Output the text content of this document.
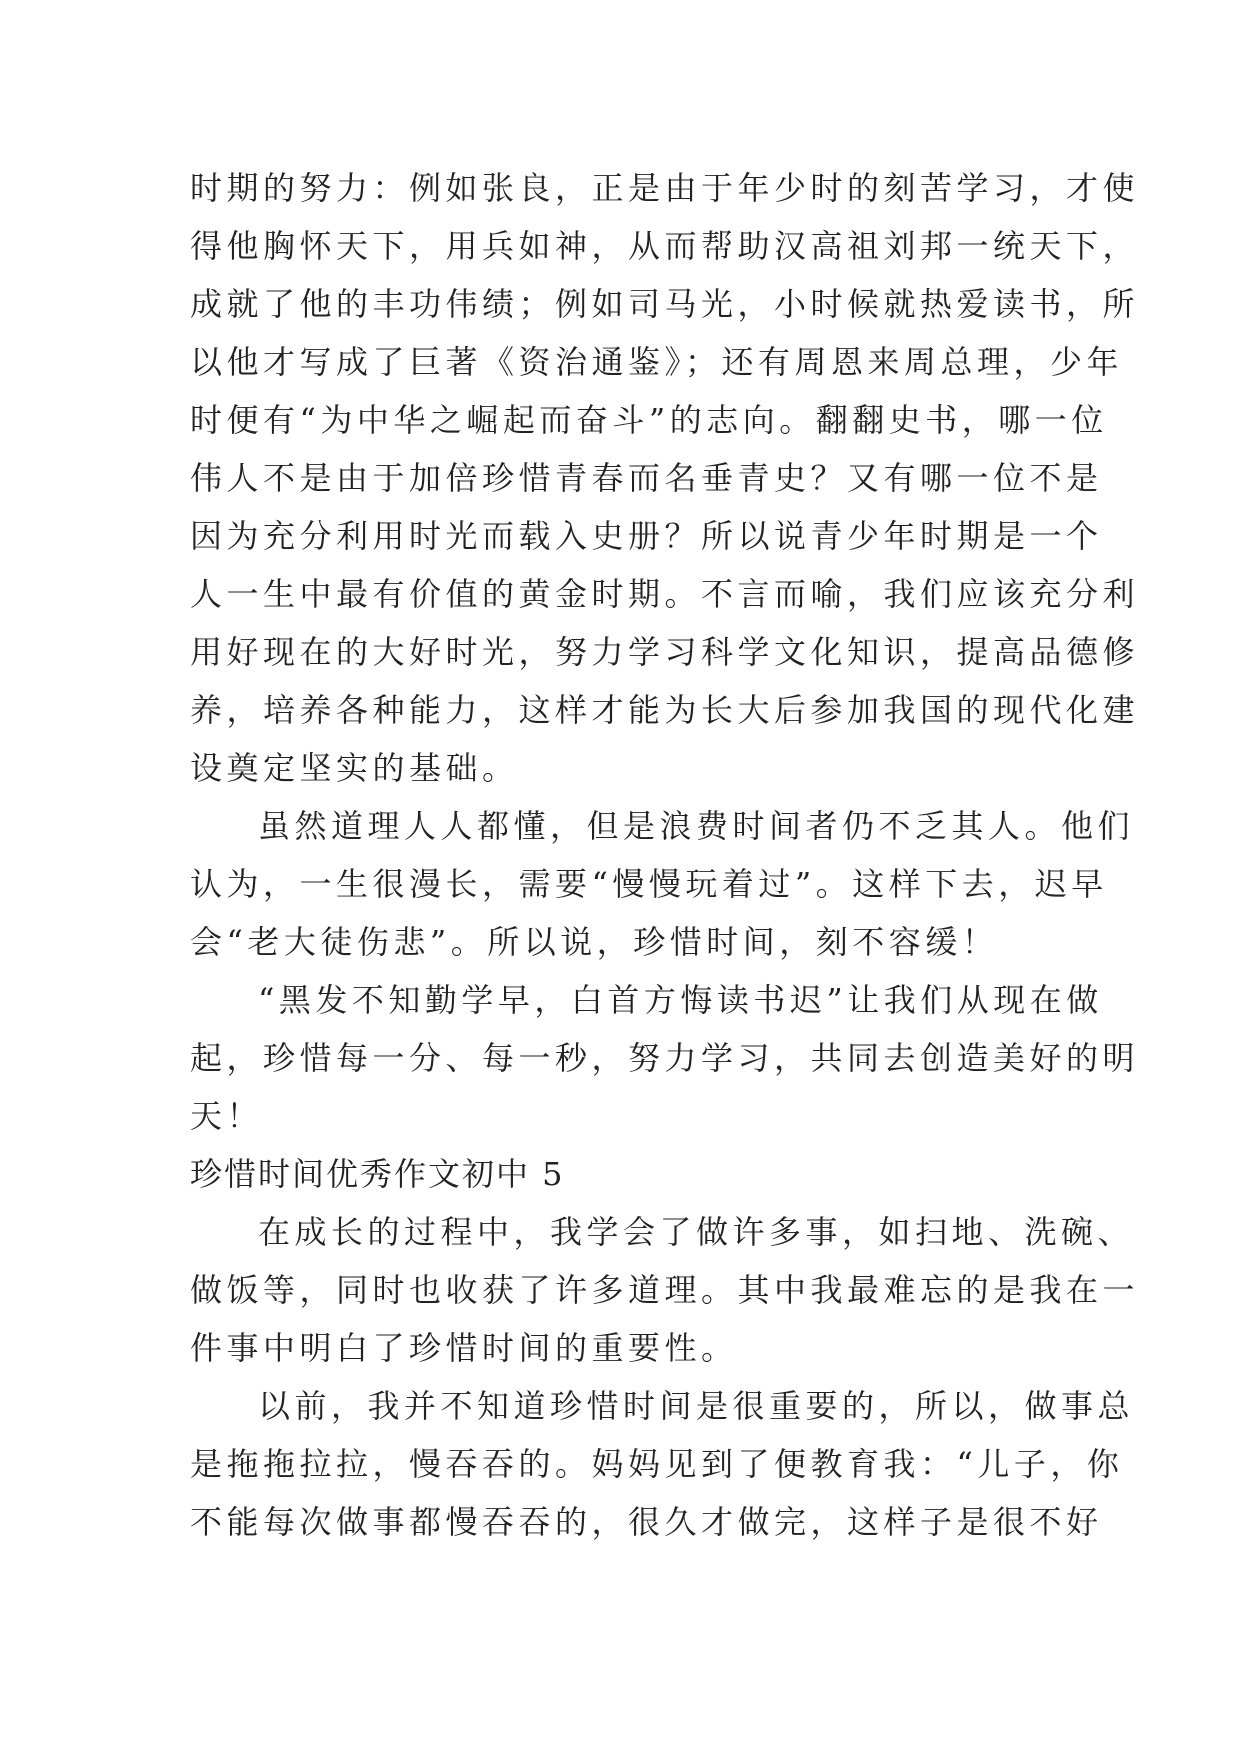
时期的努力：例如张良，正是由于年少时的刻苦学习，才使
得他胸怀天下，用兵如神，从而帮助汉高祖刘邦一统天下，
成就了他的丰功伟绩；例如司马光，小时候就热爱读书，所
以他才写成了巨著《资治通鉴》；还有周恩来周总理，少年
时便有“为中华之崛起而奋斗”的志向。翻翻史书，哪一位
伟人不是由于加倍珍惜青春而名垂青史？又有哪一位不是
因为充分利用时光而载入史册？所以说青少年时期是一个
人一生中最有价值的黄金时期。不言而喻，我们应该充分利
用好现在的大好时光，努力学习科学文化知识，提高品德修
养，培养各种能力，这样才能为长大后参加我国的现代化建
设奠定坚实的基础。
虽然道理人人都懂，但是浪费时间者仍不乏其人。他们
认为，一生很漫长，需要“慢慢玩着过”。这样下去，迟早
会“老大徒伤悲”。所以说，珍惜时间，刻不容缓！
“黑发不知勤学早，白首方悔读书迟”让我们从现在做
起，珍惜每一分、每一秒，努力学习，共同去创造美好的明
天！
珍惜时间优秀作文初中 5
在成长的过程中，我学会了做许多事，如扫地、洗碗、
做饭等，同时也收获了许多道理。其中我最难忘的是我在一
件事中明白了珍惜时间的重要性。
以前，我并不知道珍惜时间是很重要的，所以，做事总
是拖拖拉拉，慢吞吞的。妈妈见到了便教育我：“儿子，你
不能每次做事都慢吞吞的，很久才做完，这样子是很不好
